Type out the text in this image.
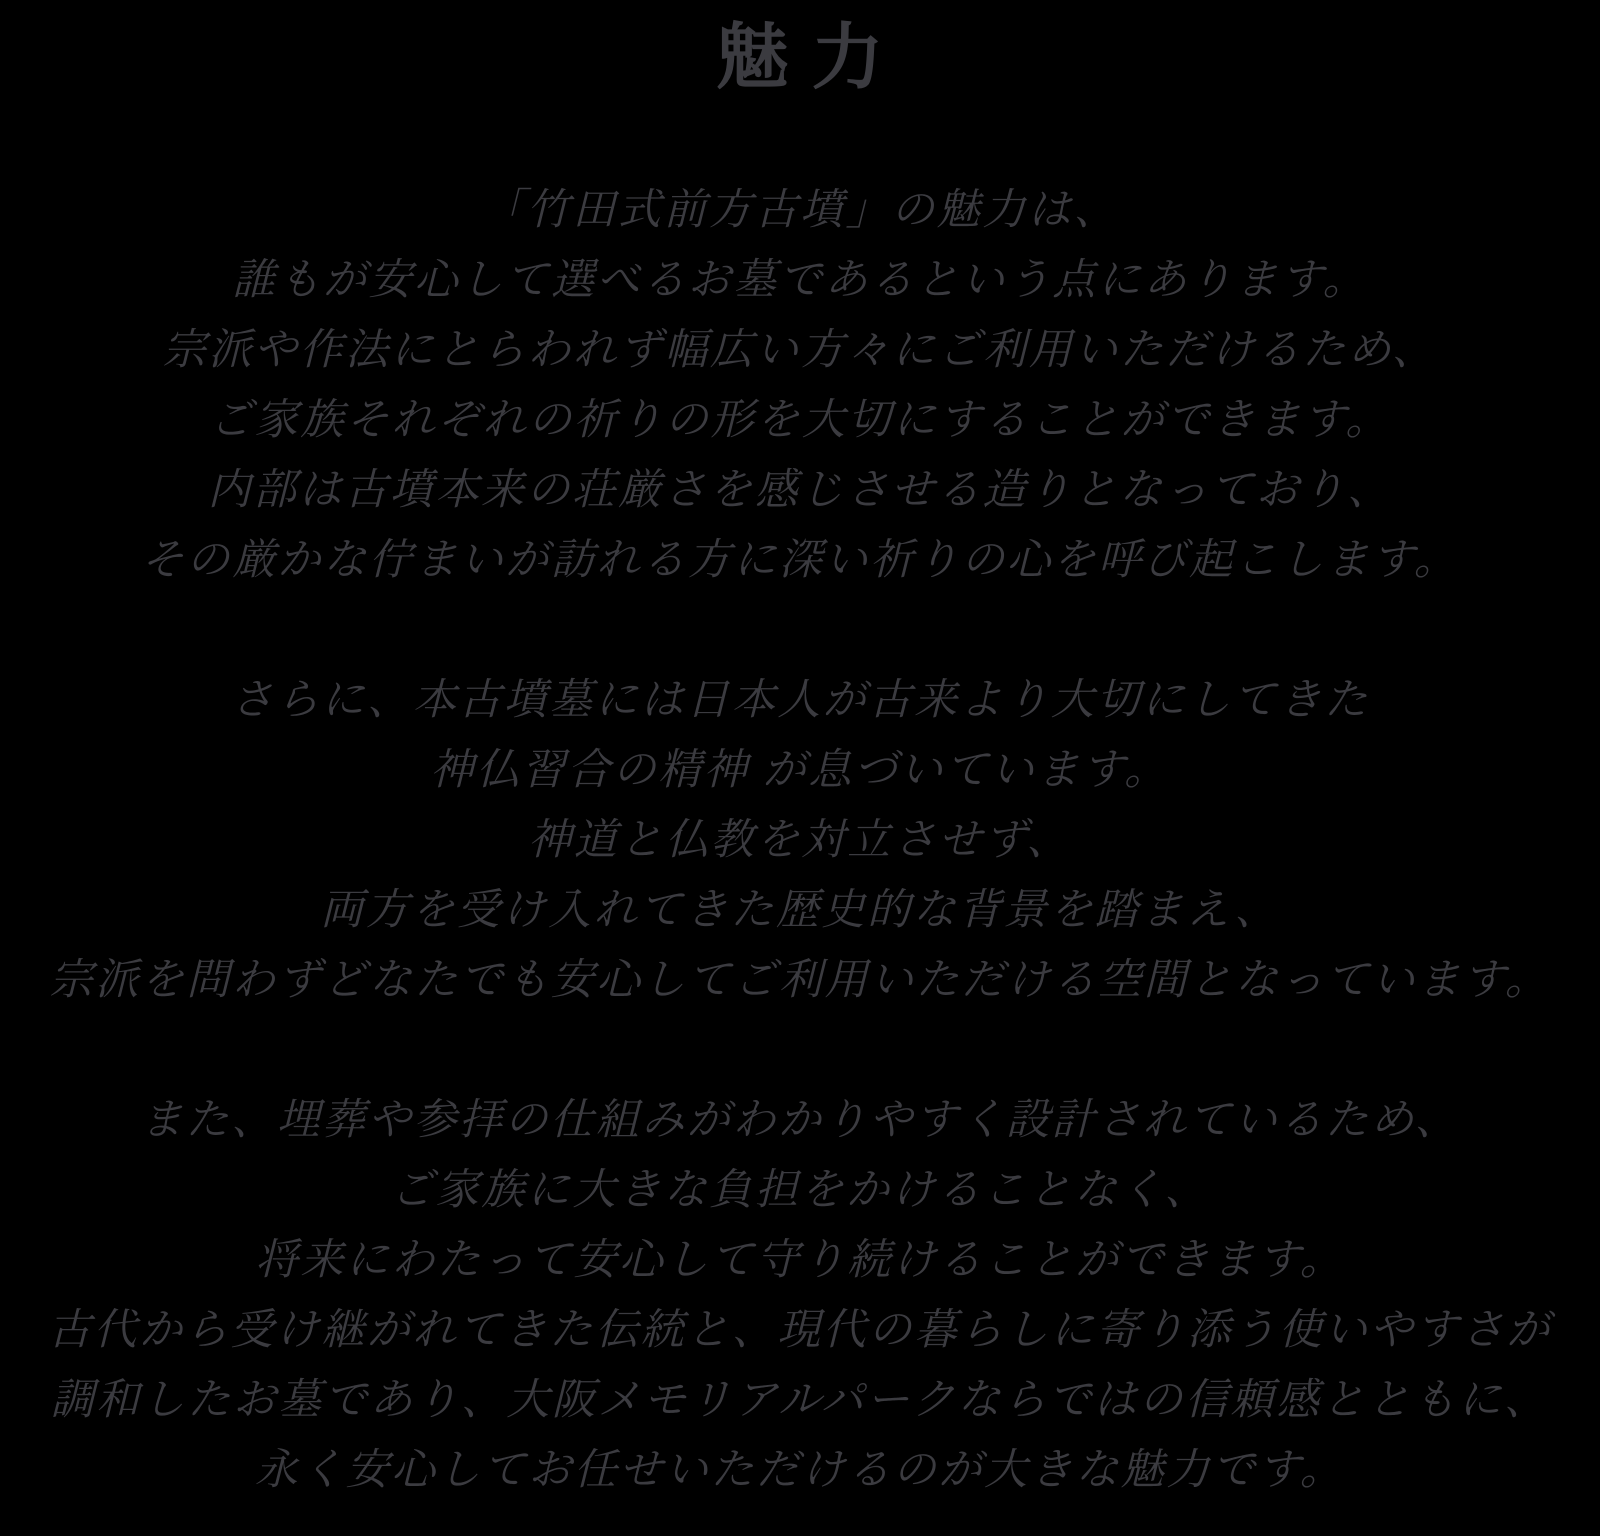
魅力

「竹田式前方古墳」の魅力は、
誰もが安心して選べるお墓であるという点にあります。
宗派や作法にとらわれず幅広い方々にご利用いただけるため、
ご家族それぞれの祈りの形を大切にすることができます。
内部は古墳本来の荘厳さを感じさせる造りとなっており、
その厳かな佇まいが訪れる方に深い祈りの心を呼び起こします。

さらに、本古墳墓には日本人が古来より大切にしてきた
神仏習合の精神 が息づいています。
神道と仏教を対立させず、
両方を受け入れてきた歴史的な背景を踏まえ、
宗派を問わずどなたでも安心してご利用いただける空間となっています。

また、埋葬や参拝の仕組みがわかりやすく設計されているため、
ご家族に大きな負担をかけることなく、
将来にわたって安心して守り続けることができます。
古代から受け継がれてきた伝統と、現代の暮らしに寄り添う使いやすさが
調和したお墓であり、大阪メモリアルパークならではの信頼感とともに、
永く安心してお任せいただけるのが大きな魅力です。
